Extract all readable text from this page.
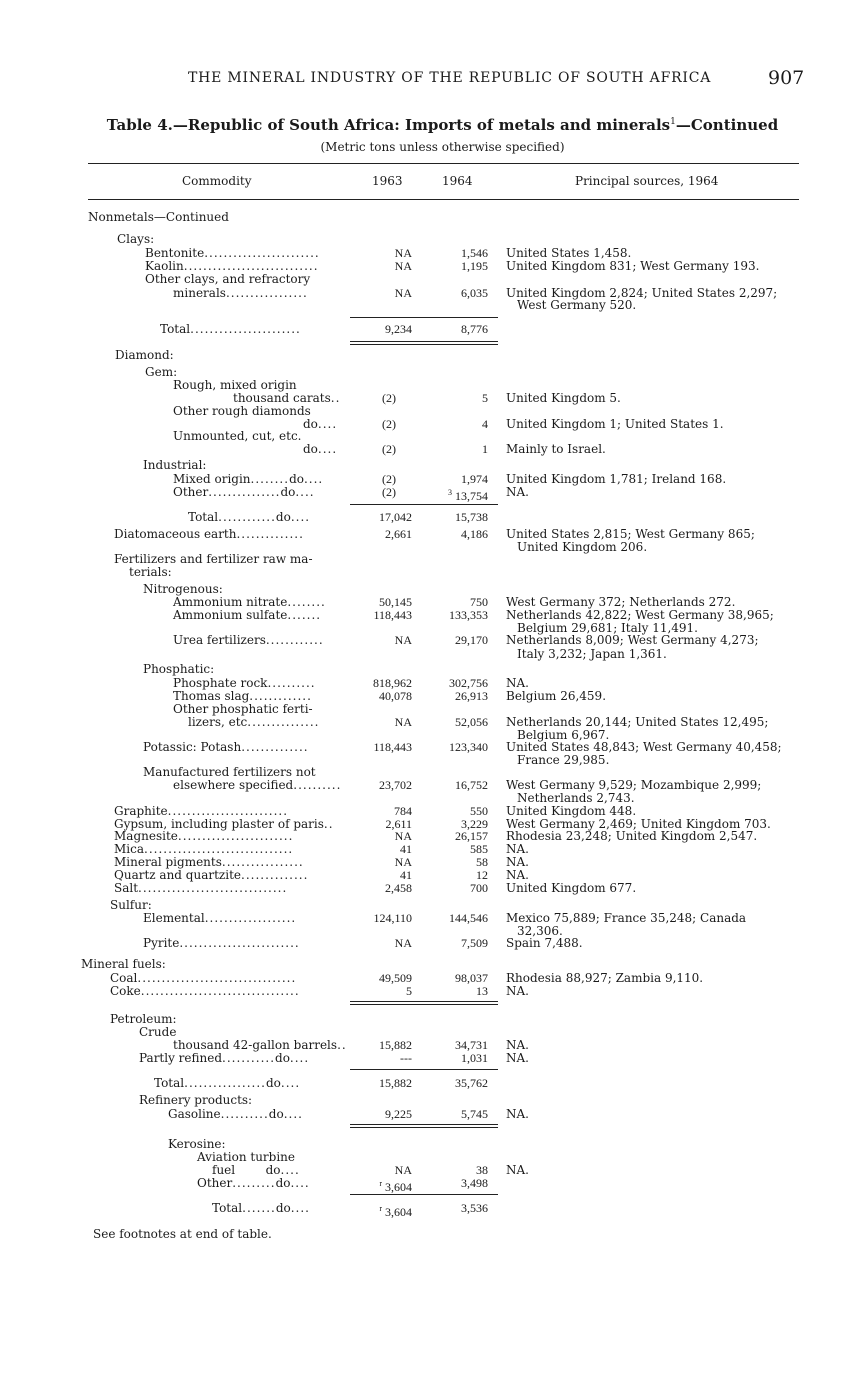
THE MINERAL INDUSTRY OF THE REPUBLIC OF SOUTH AFRICA	907
Table 4.—Republic of South Africa: Imports of metals and minerals$^1$—Continued
(Metric tons unless otherwise specified)
Commodity	1963	1964	Principal sources, 1964
Nonmetals—Continued
Clays:
Bentonite........................	NA	1,546 United States 1,458.
Kaolin............................	NA	1,195 United Kingdom 831; West Germany 193.
Other clays, and refractory
minerals.................	NA	6,035 United Kingdom 2,824; United States 2,297;
West Germany 520.
Total.......................	9,234	8,776
Diamond:
Gem:
Rough, mixed origin
thousand carats..	(2)	5 United Kingdom 5.
Other rough diamonds
do....	(2)	4 United Kingdom 1; United States 1.
Unmounted, cut, etc.
do....	(2)	1 Mainly to Israel.
Industrial:
Mixed origin........do....	(2)	1,974 United Kingdom 1,781; Ireland 168.
Other...............do....	(2)	$^3$ 13,754 NA.
Total............do....	17,042	15,738
Diatomaceous earth..............	2,661	4,186 United States 2,815; West Germany 865;
United Kingdom 206.
Fertilizers and fertilizer raw ma-
terials:
Nitrogenous:
Ammonium nitrate........	50,145	750 West Germany 372; Netherlands 272.
Ammonium sulfate.......	118,443	133,353 Netherlands 42,822; West Germany 38,965;
Belgium 29,681; Italy 11,491.
Urea fertilizers............	NA	29,170 Netherlands 8,009; West Germany 4,273;
Italy 3,232; Japan 1,361.
Phosphatic:
Phosphate rock..........	818,962	302,756 NA.
Thomas slag.............	40,078	26,913 Belgium 26,459.
Other phosphatic ferti-
lizers, etc...............	NA	52,056 Netherlands 20,144; United States 12,495;
Belgium 6,967.
Potassic: Potash..............	118,443	123,340 United States 48,843; West Germany 40,458;
France 29,985.
Manufactured fertilizers not
elsewhere specified..........	23,702	16,752 West Germany 9,529; Mozambique 2,999;
Netherlands 2,743.
Graphite.........................	784	550 United Kingdom 448.
Gypsum, including plaster of paris..	2,611	3,229 West Germany 2,469; United Kingdom 703.
Magnesite........................	NA	26,157 Rhodesia 23,248; United Kingdom 2,547.
Mica...............................	41	585 NA.
Mineral pigments.................	NA	58 NA.
Quartz and quartzite..............	41	12 NA.
Salt...............................	2,458	700 United Kingdom 677.
Sulfur:
Elemental...................	124,110	144,546 Mexico 75,889; France 35,248; Canada
32,306.
Pyrite.........................	NA	7,509 Spain 7,488.
Mineral fuels:
Coal.................................	49,509	98,037 Rhodesia 88,927; Zambia 9,110.
Coke.................................	5	13 NA.
Petroleum:
Crude
thousand 42-gallon barrels..	15,882	34,731 NA.
Partly refined...........do....	---	1,031 NA.
Total.................do....	15,882	35,762
Refinery products:
Gasoline..........do....	9,225	5,745 NA.
Kerosine:
Aviation turbine
fuel	do....	NA	38 NA.
Other.........do....	$^r$ 3,604	3,498
Total.......do....	$^r$ 3,604	3,536
See footnotes at end of table.
